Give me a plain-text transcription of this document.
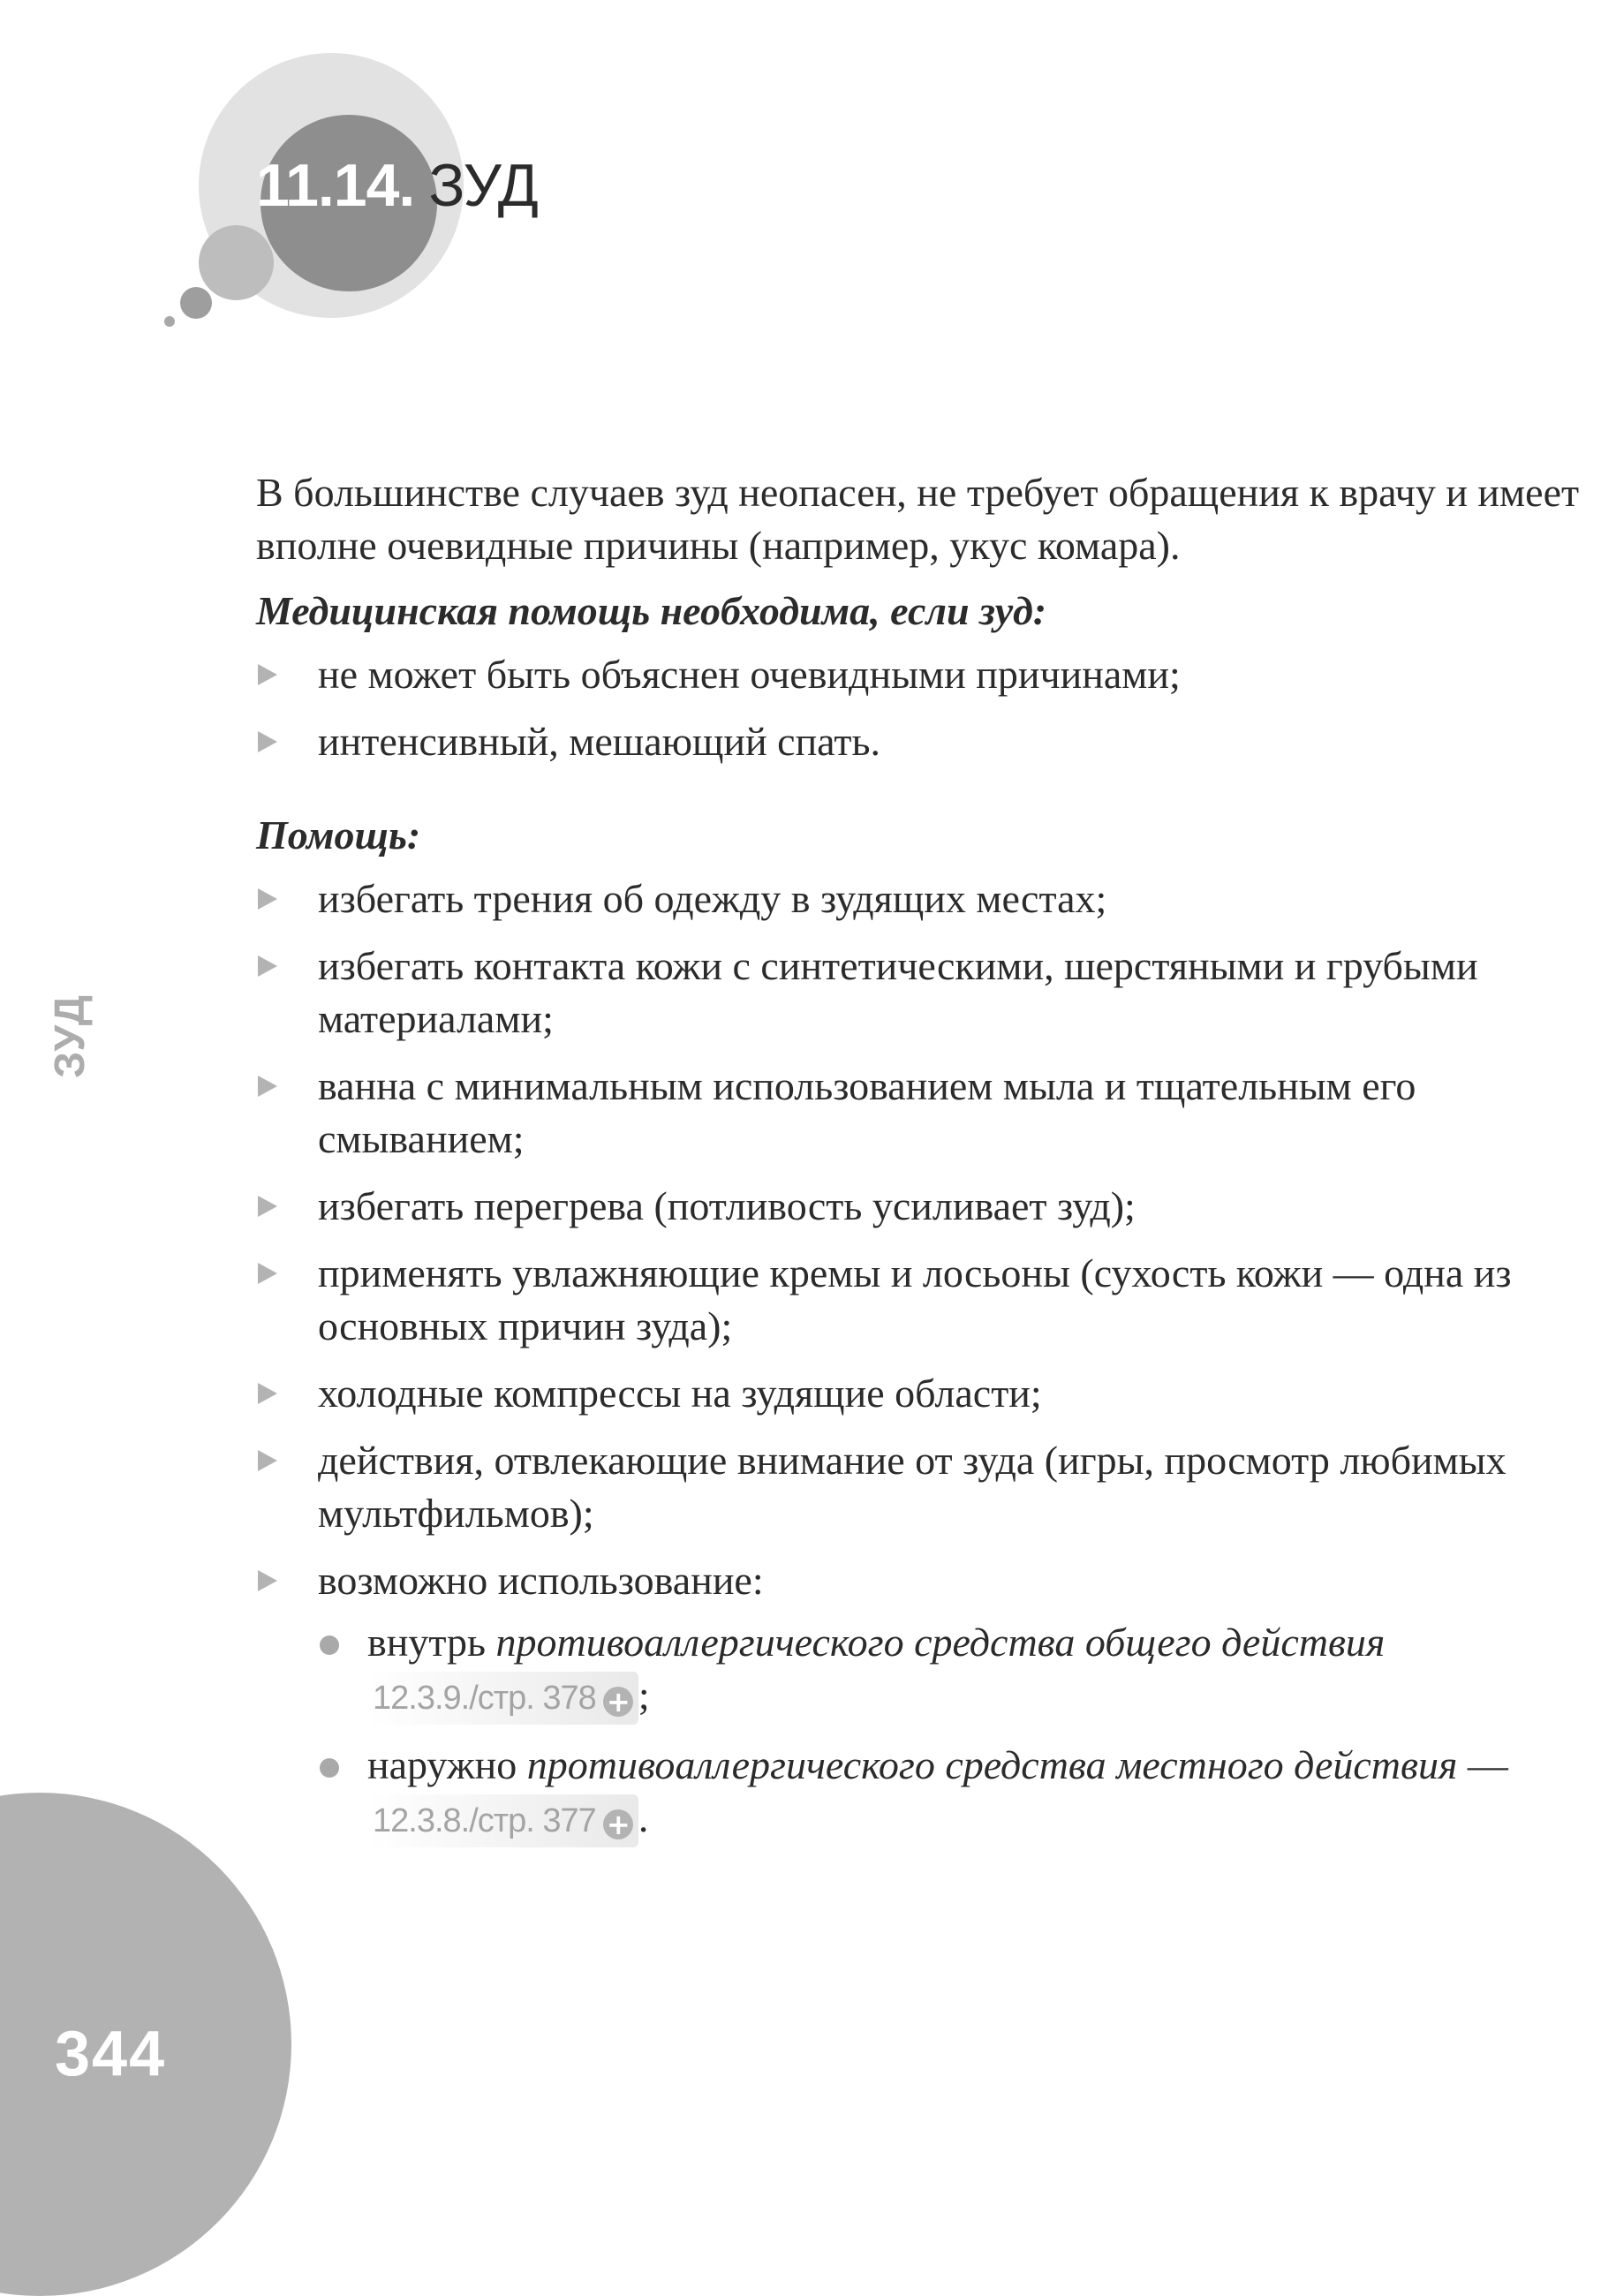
11.14. ЗУД

В большинстве случаев зуд неопасен, не требует обращения к врачу и имеет вполне очевидные причины (например, укус комара).

Медицинская помощь необходима, если зуд:

не может быть объяснен очевидными причинами;
интенсивный, мешающий спать.

Помощь:

избегать трения об одежду в зудящих местах;
избегать контакта кожи с синтетическими, шерстяными и грубыми материалами;
ванна с минимальным использованием мыла и тщательным его смыванием;
избегать перегрева (потливость усиливает зуд);
применять увлажняющие кремы и лосьоны (сухость кожи — одна из основных причин зуда);
холодные компрессы на зудящие области;
действия, отвлекающие внимание от зуда (игры, просмотр любимых мультфильмов);
возможно использование:
внутрь противоаллергического средства общего действия 12.3.9./стр. 378 + ;
наружно противоаллергического средства местного действия — 12.3.8./стр. 377 + .
ЗУД
344
